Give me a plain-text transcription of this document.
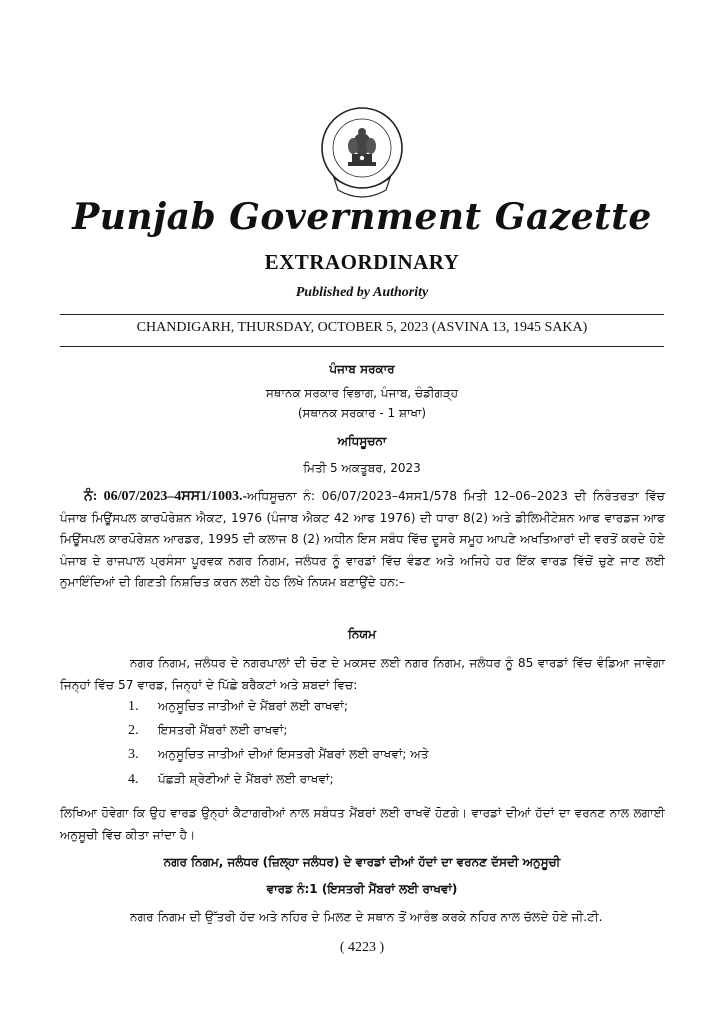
Punjab Government Gazette
EXTRAORDINARY
Published by Authority
CHANDIGARH, THURSDAY, OCTOBER 5, 2023 (ASVINA 13, 1945 SAKA)
ਪੰਜਾਬ ਸਰਕਾਰ
ਸਥਾਨਕ ਸਰਕਾਰ ਵਿਭਾਗ, ਪੰਜਾਬ, ਚੰਡੀਗੜ੍ਹ
(ਸਥਾਨਕ ਸਰਕਾਰ - 1 ਸ਼ਾਖਾ)
ਅਧਿਸੂਚਨਾ
ਮਿਤੀ 5 ਅਕਤੂਬਰ, 2023
ਨੰ: 06/07/2023–4ਸਸ1/1003.-ਅਧਿਸੂਚਨਾ ਨੰ: 06/07/2023–4ਸਸ1/578 ਮਿਤੀ 12–06–2023 ਦੀ ਨਿਰੰਤਰਤਾ ਵਿੱਚ ਪੰਜਾਬ ਮਿਊਂਸਪਲ ਕਾਰਪੋਰੇਸ਼ਨ ਐਕਟ, 1976 (ਪੰਜਾਬ ਐਕਟ 42 ਆਫ 1976) ਦੀ ਧਾਰਾ 8(2) ਅਤੇ ਡੀਲਿਮੀਟੇਸ਼ਨ ਆਫ ਵਾਰਡਜ ਆਫ ਮਿਊਂਸਪਲ ਕਾਰਪੋਰੇਸ਼ਨ ਆਰਡਰ, 1995 ਦੀ ਕਲਾਜ 8 (2) ਅਧੀਨ ਇਸ ਸਬੰਧ ਵਿੱਚ ਦੂਸਰੇ ਸਮੂਹ ਆਪਣੇ ਅਖਤਿਆਰਾਂ ਦੀ ਵਰਤੋਂ ਕਰਦੇ ਹੋਏ ਪੰਜਾਬ ਦੇ ਰਾਜਪਾਲ ਪ੍ਰਸੰਸਾ ਪੂਰਵਕ ਨਗਰ ਨਿਗਮ, ਜਲੰਧਰ ਨੂੰ ਵਾਰਡਾਂ ਵਿੱਚ ਵੰਡਣ ਅਤੇ ਅਜਿਹੇ ਹਰ ਇੱਕ ਵਾਰਡ ਵਿੱਚੋਂ ਚੁਣੇ ਜਾਣ ਲਈ ਨੁਮਾਇੰਦਿਆਂ ਦੀ ਗਿਣਤੀ ਨਿਸ਼ਚਿਤ ਕਰਨ ਲਈ ਹੇਠ ਲਿਖੇ ਨਿਯਮ ਬਣਾਉਂਦੇ ਹਨ:–
ਨਿਯਮ
ਨਗਰ ਨਿਗਮ, ਜਲੰਧਰ ਦੇ ਨਗਰਪਾਲਾਂ ਦੀ ਚੋਣ ਦੇ ਮਕਸਦ ਲਈ ਨਗਰ ਨਿਗਮ, ਜਲੰਧਰ ਨੂੰ 85 ਵਾਰਡਾਂ ਵਿੱਚ ਵੰਡਿਆ ਜਾਵੇਗਾ ਜਿਨ੍ਹਾਂ ਵਿੱਚ 57 ਵਾਰਡ, ਜਿਨ੍ਹਾਂ ਦੇ ਪਿੱਛੇ ਬਰੈਕਟਾਂ ਅਤੇ ਸ਼ਬਦਾਂ ਵਿਚ:
1. ਅਨੁਸੂਚਿਤ ਜਾਤੀਆਂ ਦੇ ਮੈਂਬਰਾਂ ਲਈ ਰਾਖਵਾਂ;
2. ਇਸਤਰੀ ਮੈਂਬਰਾਂ ਲਈ ਰਾਖਵਾਂ;
3. ਅਨੁਸੂਚਿਤ ਜਾਤੀਆਂ ਦੀਆਂ ਇਸਤਰੀ ਮੈਂਬਰਾਂ ਲਈ ਰਾਖਵਾਂ; ਅਤੇ
4. ਪੱਛੜੀ ਸ਼੍ਰੇਣੀਆਂ ਦੇ ਮੈਂਬਰਾਂ ਲਈ ਰਾਖਵਾਂ;
ਲਿਖਿਆ ਹੋਵੇਗਾ ਕਿ ਉਹ ਵਾਰਡ ਉਨ੍ਹਾਂ ਕੈਟਾਗਰੀਆਂ ਨਾਲ ਸਬੰਧਤ ਮੈਂਬਰਾਂ ਲਈ ਰਾਖਵੇਂ ਹੋਣਗੇ। ਵਾਰਡਾਂ ਦੀਆਂ ਹੱਦਾਂ ਦਾ ਵਰਨਣ ਨਾਲ ਲਗਾਈ ਅਨੁਸੂਚੀ ਵਿੱਚ ਕੀਤਾ ਜਾਂਦਾ ਹੈ।
ਨਗਰ ਨਿਗਮ, ਜਲੰਧਰ (ਜ਼ਿਲ੍ਹਾ ਜਲੰਧਰ) ਦੇ ਵਾਰਡਾਂ ਦੀਆਂ ਹੱਦਾਂ ਦਾ ਵਰਨਣ ਦੱਸਦੀ ਅਨੁਸੂਚੀ
ਵਾਰਡ ਨੰ:1 (ਇਸਤਰੀ ਮੈਂਬਰਾਂ ਲਈ ਰਾਖਵਾਂ)
ਨਗਰ ਨਿਗਮ ਦੀ ਉੱਤਰੀ ਹੱਦ ਅਤੇ ਨਹਿਰ ਦੇ ਮਿਲਣ ਦੇ ਸਥਾਨ ਤੋਂ ਆਰੰਭ ਕਰਕੇ ਨਹਿਰ ਨਾਲ ਚੱਲਦੇ ਹੋਏ ਜੀ.ਟੀ.
( 4223 )
